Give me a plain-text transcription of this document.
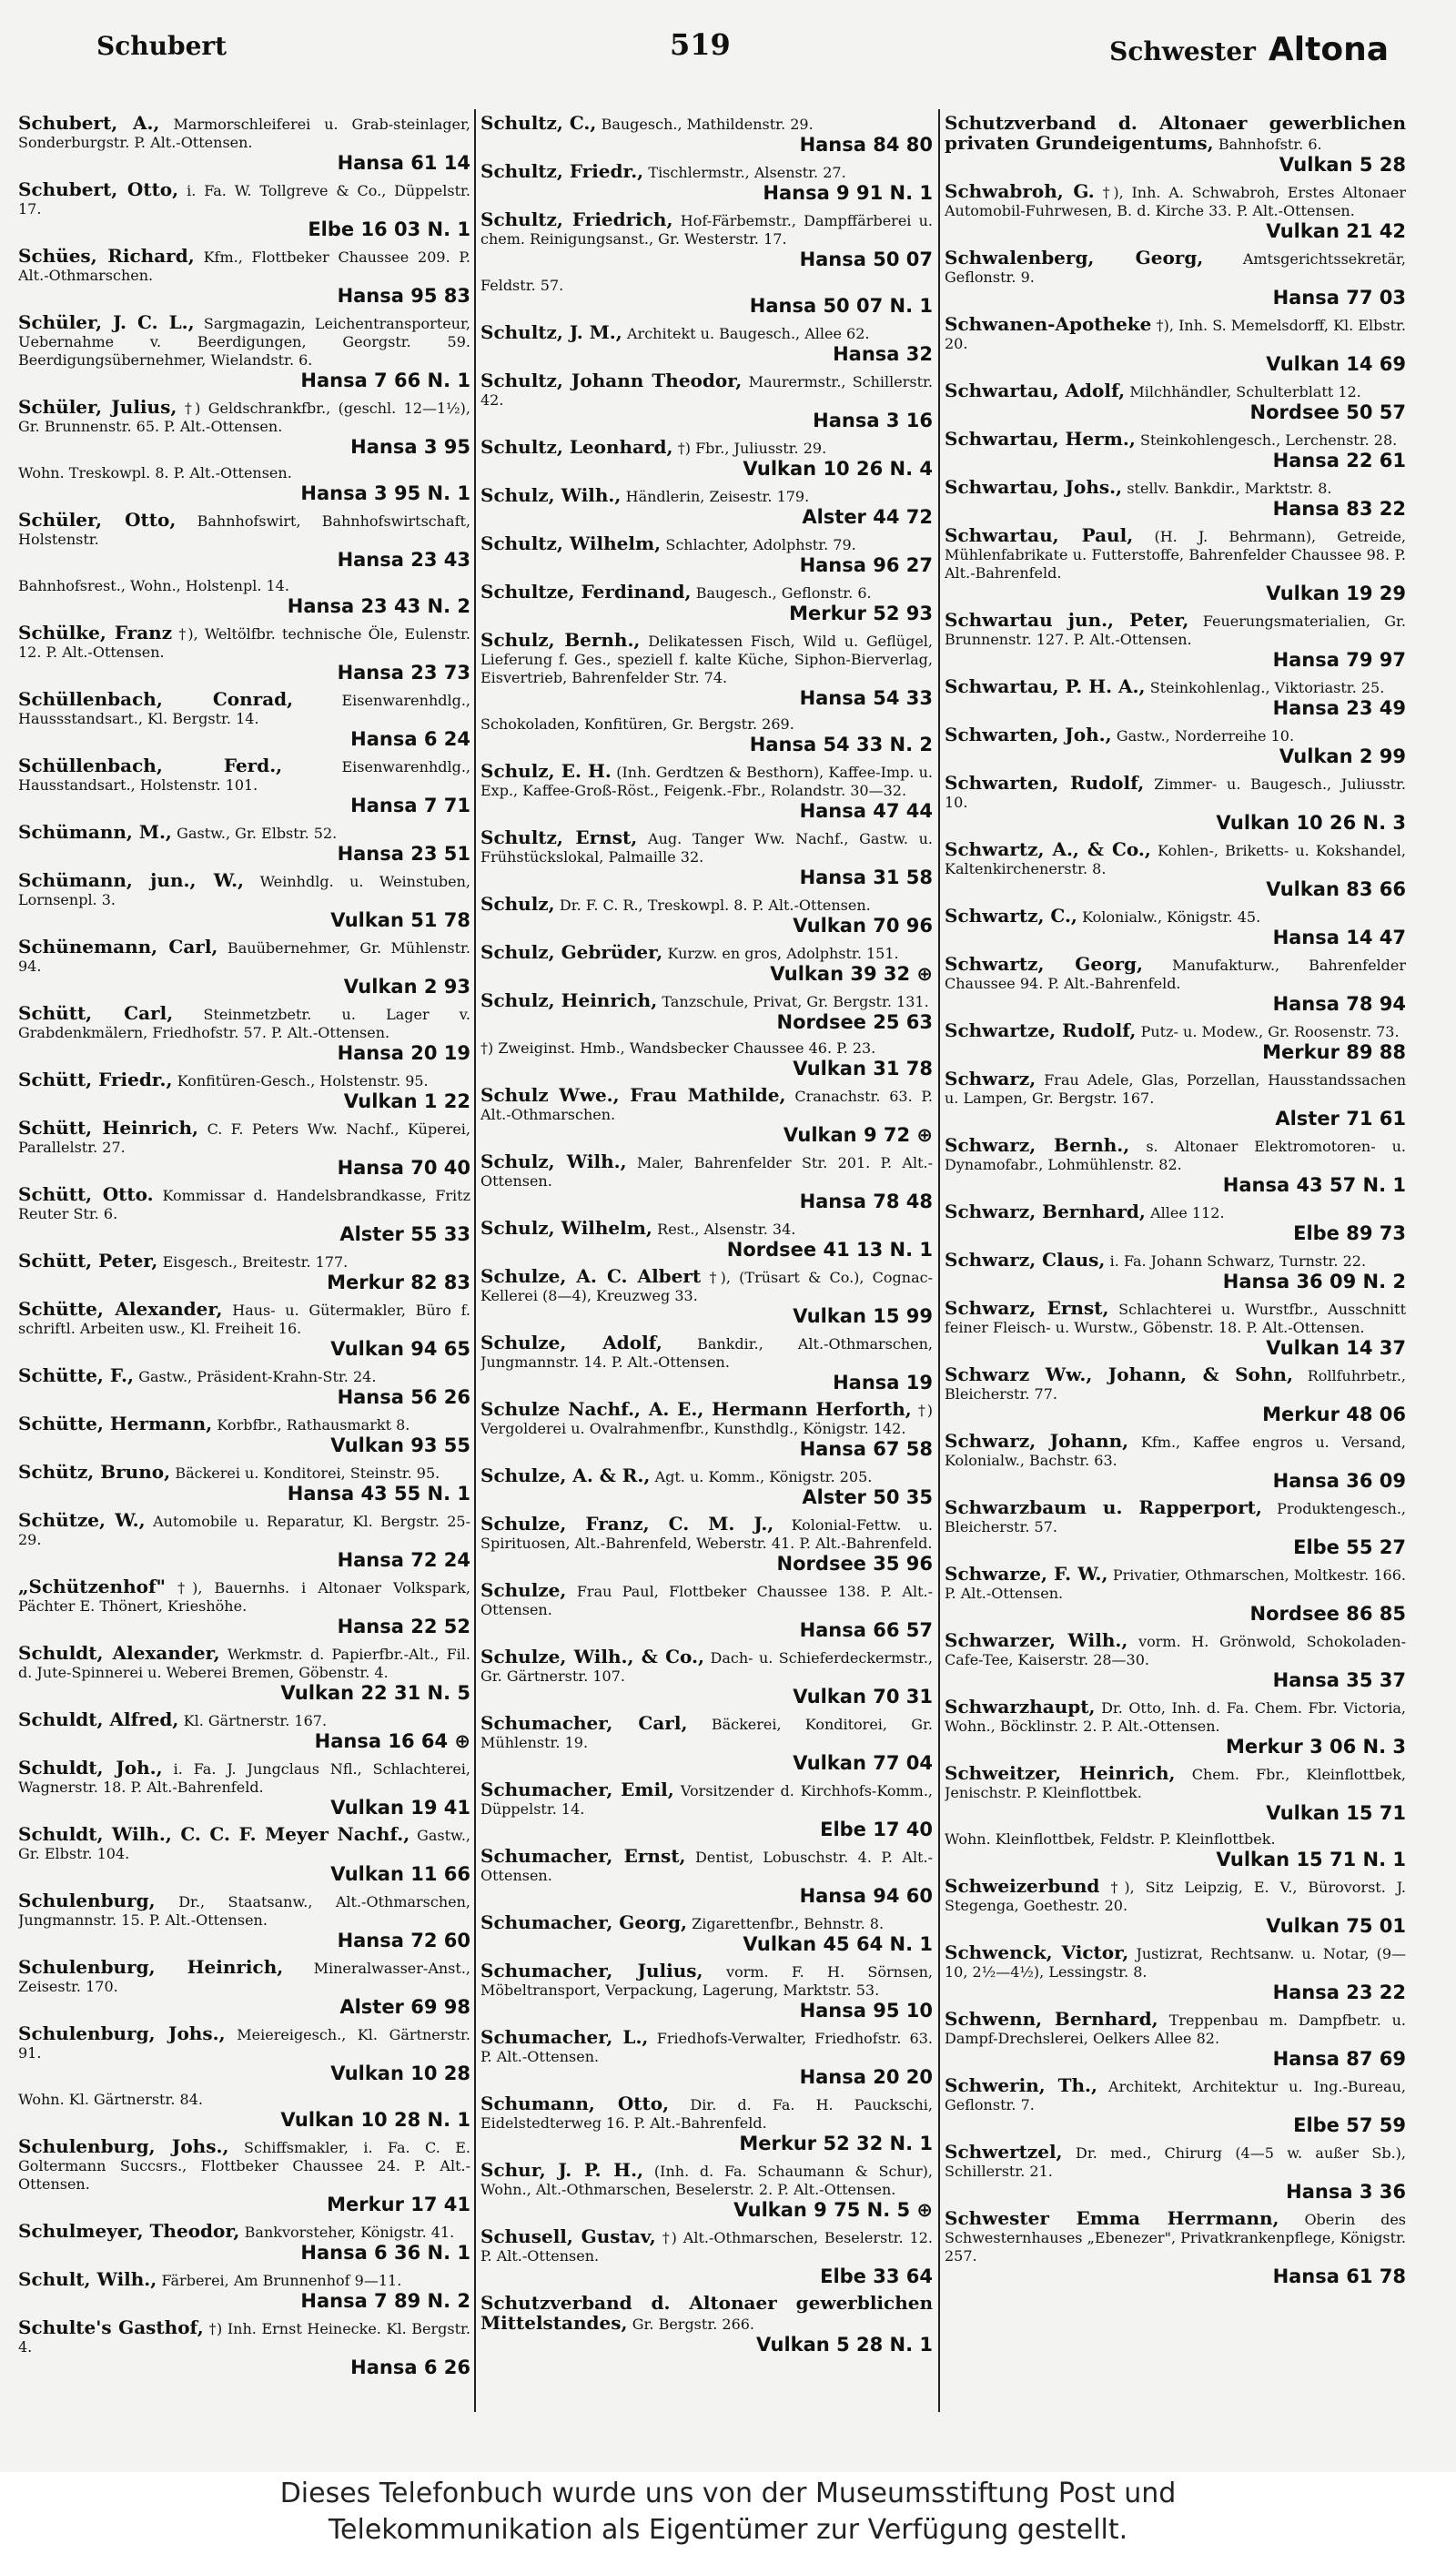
Schubert	519	Schwester Altona
Schubert, A., Marmorschleiferei u. Grab-steinlager, Sonderburgstr. P. Alt.-Ottensen.
Hansa 61 14
Schubert, Otto, i. Fa. W. Tollgreve & Co., Düppelstr. 17.
Elbe 16 03 N. 1
Schües, Richard, Kfm., Flottbeker Chaussee 209. P. Alt.-Othmarschen.
Hansa 95 83
Schüler, J. C. L., Sargmagazin, Leichentransporteur, Uebernahme v. Beerdigungen, Georgstr. 59. Beerdigungsübernehmer, Wielandstr. 6.
Hansa 7 66 N. 1
Schüler, Julius, †) Geldschrankfbr., (geschl. 12—1½), Gr. Brunnenstr. 65. P. Alt.-Ottensen.
Hansa 3 95
Wohn. Treskowpl. 8. P. Alt.-Ottensen.
Hansa 3 95 N. 1
Schüler, Otto, Bahnhofswirt, Bahnhofswirtschaft, Holstenstr.
Hansa 23 43
Bahnhofsrest., Wohn., Holstenpl. 14.
Hansa 23 43 N. 2
Schülke, Franz †), Weltölfbr. technische Öle, Eulenstr. 12. P. Alt.-Ottensen.
Hansa 23 73
Schüllenbach, Conrad,	Eisenwarenhdlg., Haussstandsart., Kl. Bergstr. 14.
Hansa 6 24
Schüllenbach, Ferd.,	Eisenwarenhdlg., Hausstandsart., Holstenstr. 101.
Hansa 7 71
Schümann, M., Gastw., Gr. Elbstr. 52.
Hansa 23 51
Schümann, jun., W., Weinhdlg. u. Weinstuben, Lornsenpl. 3.
Vulkan 51 78
Schünemann, Carl, Bauübernehmer, Gr. Mühlenstr. 94.
Vulkan 2 93
Schütt, Carl, Steinmetzbetr. u. Lager v. Grabdenkmälern, Friedhofstr. 57. P. Alt.-Ottensen.
Hansa 20 19
Schütt, Friedr., Konfitüren-Gesch., Holstenstr. 95.
Vulkan 1 22
Schütt, Heinrich, C. F. Peters Ww. Nachf., Küperei, Parallelstr. 27.
Hansa 70 40
Schütt, Otto. Kommissar d. Handelsbrandkasse, Fritz Reuter Str. 6.
Alster 55 33
Schütt, Peter, Eisgesch., Breitestr. 177.
Merkur 82 83
Schütte, Alexander, Haus- u. Gütermakler, Büro f. schriftl. Arbeiten usw., Kl. Freiheit 16.
Vulkan 94 65
Schütte, F., Gastw., Präsident-Krahn-Str. 24.
Hansa 56 26
Schütte, Hermann, Korbfbr., Rathausmarkt 8.
Vulkan 93 55
Schütz, Bruno, Bäckerei u. Konditorei, Steinstr. 95.
Hansa 43 55 N. 1
Schütze, W., Automobile u. Reparatur, Kl. Bergstr. 25-29.
Hansa 72 24
„Schützenhof" †), Bauernhs. i Altonaer Volkspark, Pächter E. Thönert, Krieshöhe.
Hansa 22 52
Schuldt, Alexander, Werkmstr. d. Papierfbr.-Alt., Fil. d. Jute-Spinnerei u. Weberei Bremen, Göbenstr. 4.
Vulkan 22 31 N. 5
Schuldt, Alfred, Kl. Gärtnerstr. 167.
Hansa 16 64 ⊕
Schuldt, Joh., i. Fa. J. Jungclaus Nfl., Schlachterei, Wagnerstr. 18. P. Alt.-Bahrenfeld.
Vulkan 19 41
Schuldt, Wilh., C. C. F. Meyer Nachf., Gastw., Gr. Elbstr. 104.
Vulkan 11 66
Schulenburg, Dr., Staatsanw., Alt.-Othmarschen, Jungmannstr. 15. P. Alt.-Ottensen.
Hansa 72 60
Schulenburg, Heinrich, Mineralwasser-Anst., Zeisestr. 170.
Alster 69 98
Schulenburg, Johs., Meiereigesch., Kl. Gärtnerstr. 91.
Vulkan 10 28
Wohn. Kl. Gärtnerstr. 84.
Vulkan 10 28 N. 1
Schulenburg, Johs., Schiffsmakler, i. Fa. C. E. Goltermann Succsrs., Flottbeker Chaussee 24. P. Alt.-Ottensen.
Merkur 17 41
Schulmeyer, Theodor, Bankvorsteher, Königstr. 41.
Hansa 6 36 N. 1
Schult, Wilh., Färberei, Am Brunnenhof 9—11.
Hansa 7 89 N. 2
Schulte's Gasthof, †) Inh. Ernst Heinecke. Kl. Bergstr. 4.
Hansa 6 26
Schultz, C., Baugesch., Mathildenstr. 29.
Hansa 84 80
Schultz, Friedr., Tischlermstr., Alsenstr. 27.
Hansa 9 91 N. 1
Schultz, Friedrich, Hof-Färbemstr., Dampffärberei u. chem. Reinigungsanst., Gr. Westerstr. 17.
Hansa 50 07
Feldstr. 57.
Hansa 50 07 N. 1
Schultz, J. M., Architekt u. Baugesch., Allee 62.
Hansa 32
Schultz, Johann Theodor, Maurermstr., Schillerstr. 42.
Hansa 3 16
Schultz, Leonhard, †) Fbr., Juliusstr. 29.
Vulkan 10 26 N. 4
Schulz, Wilh., Händlerin, Zeisestr. 179.
Alster 44 72
Schultz, Wilhelm, Schlachter, Adolphstr. 79.
Hansa 96 27
Schultze, Ferdinand, Baugesch., Geflonstr. 6.
Merkur 52 93
Schulz, Bernh., Delikatessen Fisch, Wild u. Geflügel, Lieferung f. Ges., speziell f. kalte Küche, Siphon-Bierverlag, Eisvertrieb, Bahrenfelder Str. 74.
Hansa 54 33
Schokoladen, Konfitüren, Gr. Bergstr. 269.
Hansa 54 33 N. 2
Schulz, E. H. (Inh. Gerdtzen & Besthorn), Kaffee-Imp. u. Exp., Kaffee-Groß-Röst., Feigenk.-Fbr., Rolandstr. 30—32.
Hansa 47 44
Schultz, Ernst, Aug. Tanger Ww. Nachf., Gastw. u. Frühstückslokal, Palmaille 32.
Hansa 31 58
Schulz, Dr. F. C. R., Treskowpl. 8. P. Alt.-Ottensen.
Vulkan 70 96
Schulz, Gebrüder, Kurzw. en gros, Adolphstr. 151.
Vulkan 39 32 ⊕
Schulz, Heinrich, Tanzschule, Privat, Gr. Bergstr. 131.
Nordsee 25 63
†) Zweiginst. Hmb., Wandsbecker Chaussee 46. P. 23.
Vulkan 31 78
Schulz Wwe., Frau Mathilde, Cranachstr. 63. P. Alt.-Othmarschen.
Vulkan 9 72 ⊕
Schulz, Wilh., Maler, Bahrenfelder Str. 201. P. Alt.-Ottensen.
Hansa 78 48
Schulz, Wilhelm, Rest., Alsenstr. 34.
Nordsee 41 13 N. 1
Schulze, A. C. Albert †), (Trüsart & Co.), Cognac-Kellerei (8—4), Kreuzweg 33.
Vulkan 15 99
Schulze, Adolf, Bankdir., Alt.-Othmarschen, Jungmannstr. 14. P. Alt.-Ottensen.
Hansa 19
Schulze Nachf., A. E., Hermann Herforth, †) Vergolderei u. Ovalrahmenfbr., Kunsthdlg., Königstr. 142.
Hansa 67 58
Schulze, A. & R., Agt. u. Komm., Königstr. 205.
Alster 50 35
Schulze, Franz, C. M. J., Kolonial-Fettw. u. Spirituosen, Alt.-Bahrenfeld, Weberstr. 41. P. Alt.-Bahrenfeld.
Nordsee 35 96
Schulze, Frau Paul, Flottbeker Chaussee 138. P. Alt.-Ottensen.
Hansa 66 57
Schulze, Wilh., & Co., Dach- u. Schieferdeckermstr., Gr. Gärtnerstr. 107.
Vulkan 70 31
Schumacher, Carl, Bäckerei, Konditorei, Gr. Mühlenstr. 19.
Vulkan 77 04
Schumacher, Emil, Vorsitzender d. Kirchhofs-Komm., Düppelstr. 14.
Elbe 17 40
Schumacher, Ernst, Dentist, Lobuschstr. 4. P. Alt.-Ottensen.
Hansa 94 60
Schumacher, Georg, Zigarettenfbr., Behnstr. 8.
Vulkan 45 64 N. 1
Schumacher, Julius, vorm. F. H. Sörnsen, Möbeltransport, Verpackung, Lagerung, Marktstr. 53.
Hansa 95 10
Schumacher, L., Friedhofs-Verwalter, Friedhofstr. 63. P. Alt.-Ottensen.
Hansa 20 20
Schumann, Otto, Dir. d. Fa. H. Pauckschi, Eidelstedterweg 16. P. Alt.-Bahrenfeld.
Merkur 52 32 N. 1
Schur, J. P. H., (Inh. d. Fa. Schaumann & Schur), Wohn., Alt.-Othmarschen, Beselerstr. 2. P. Alt.-Ottensen.
Vulkan 9 75 N. 5 ⊕
Schusell, Gustav, †) Alt.-Othmarschen, Beselerstr. 12. P. Alt.-Ottensen.
Elbe 33 64
Schutzverband d. Altonaer gewerblichen Mittelstandes, Gr. Bergstr. 266.
Vulkan 5 28 N. 1
Schutzverband d. Altonaer gewerblichen privaten Grundeigentums, Bahnhofstr. 6.
Vulkan 5 28
Schwabroh, G. †), Inh. A. Schwabroh, Erstes Altonaer Automobil-Fuhrwesen, B. d. Kirche 33. P. Alt.-Ottensen.
Vulkan 21 42
Schwalenberg, Georg,	Amtsgerichtssekretär, Geflonstr. 9.
Hansa 77 03
Schwanen-Apotheke †), Inh. S. Memelsdorff, Kl. Elbstr. 20.
Vulkan 14 69
Schwartau, Adolf, Milchhändler, Schulterblatt 12.
Nordsee 50 57
Schwartau, Herm., Steinkohlengesch., Lerchenstr. 28.
Hansa 22 61
Schwartau, Johs., stellv. Bankdir., Marktstr. 8.
Hansa 83 22
Schwartau, Paul, (H. J. Behrmann), Getreide, Mühlenfabrikate u. Futterstoffe, Bahrenfelder Chaussee 98. P. Alt.-Bahrenfeld.
Vulkan 19 29
Schwartau jun., Peter, Feuerungsmaterialien, Gr. Brunnenstr. 127. P. Alt.-Ottensen.
Hansa 79 97
Schwartau, P. H. A., Steinkohlenlag., Viktoriastr. 25.
Hansa 23 49
Schwarten, Joh., Gastw., Norderreihe 10.
Vulkan 2 99
Schwarten, Rudolf, Zimmer- u. Baugesch., Juliusstr. 10.
Vulkan 10 26 N. 3
Schwartz, A., & Co., Kohlen-, Briketts- u. Kokshandel, Kaltenkirchenerstr. 8.
Vulkan 83 66
Schwartz, C., Kolonialw., Königstr. 45.
Hansa 14 47
Schwartz, Georg, Manufakturw., Bahrenfelder Chaussee 94. P. Alt.-Bahrenfeld.
Hansa 78 94
Schwartze, Rudolf, Putz- u. Modew., Gr. Roosenstr. 73.
Merkur 89 88
Schwarz, Frau Adele, Glas, Porzellan, Hausstandssachen u. Lampen, Gr. Bergstr. 167.
Alster 71 61
Schwarz, Bernh., s. Altonaer Elektromotoren- u. Dynamofabr., Lohmühlenstr. 82.
Hansa 43 57 N. 1
Schwarz, Bernhard, Allee 112.
Elbe 89 73
Schwarz, Claus, i. Fa. Johann Schwarz, Turnstr. 22.
Hansa 36 09 N. 2
Schwarz, Ernst, Schlachterei u. Wurstfbr., Ausschnitt feiner Fleisch- u. Wurstw., Göbenstr. 18. P. Alt.-Ottensen.
Vulkan 14 37
Schwarz Ww., Johann, & Sohn, Rollfuhrbetr., Bleicherstr. 77.
Merkur 48 06
Schwarz, Johann, Kfm., Kaffee engros u. Versand, Kolonialw., Bachstr. 63.
Hansa 36 09
Schwarzbaum u. Rapperport, Produktengesch., Bleicherstr. 57.
Elbe 55 27
Schwarze, F. W., Privatier, Othmarschen, Moltkestr. 166. P. Alt.-Ottensen.
Nordsee 86 85
Schwarzer, Wilh., vorm. H. Grönwold, Schokoladen-Cafe-Tee, Kaiserstr. 28—30.
Hansa 35 37
Schwarzhaupt, Dr. Otto, Inh. d. Fa. Chem. Fbr. Victoria, Wohn., Böcklinstr. 2. P. Alt.-Ottensen.
Merkur 3 06 N. 3
Schweitzer, Heinrich, Chem. Fbr., Kleinflottbek, Jenischstr. P. Kleinflottbek.
Vulkan 15 71
Wohn. Kleinflottbek, Feldstr. P. Kleinflottbek.
Vulkan 15 71 N. 1
Schweizerbund †), Sitz Leipzig, E. V., Bürovorst. J. Stegenga, Goethestr. 20.
Vulkan 75 01
Schwenck, Victor, Justizrat, Rechtsanw. u. Notar, (9—10, 2½—4½), Lessingstr. 8.
Hansa 23 22
Schwenn, Bernhard, Treppenbau m. Dampfbetr. u. Dampf-Drechslerei, Oelkers Allee 82.
Hansa 87 69
Schwerin, Th., Architekt, Architektur u. Ing.-Bureau, Geflonstr. 7.
Elbe 57 59
Schwertzel, Dr. med., Chirurg (4—5 w. außer Sb.), Schillerstr. 21.
Hansa 3 36
Schwester Emma Herrmann, Oberin des Schwesternhauses „Ebenezer", Privatkrankenpflege, Königstr. 257.
Hansa 61 78
Dieses Telefonbuch wurde uns von der Museumsstiftung Post und
Telekommunikation als Eigentümer zur Verfügung gestellt.
